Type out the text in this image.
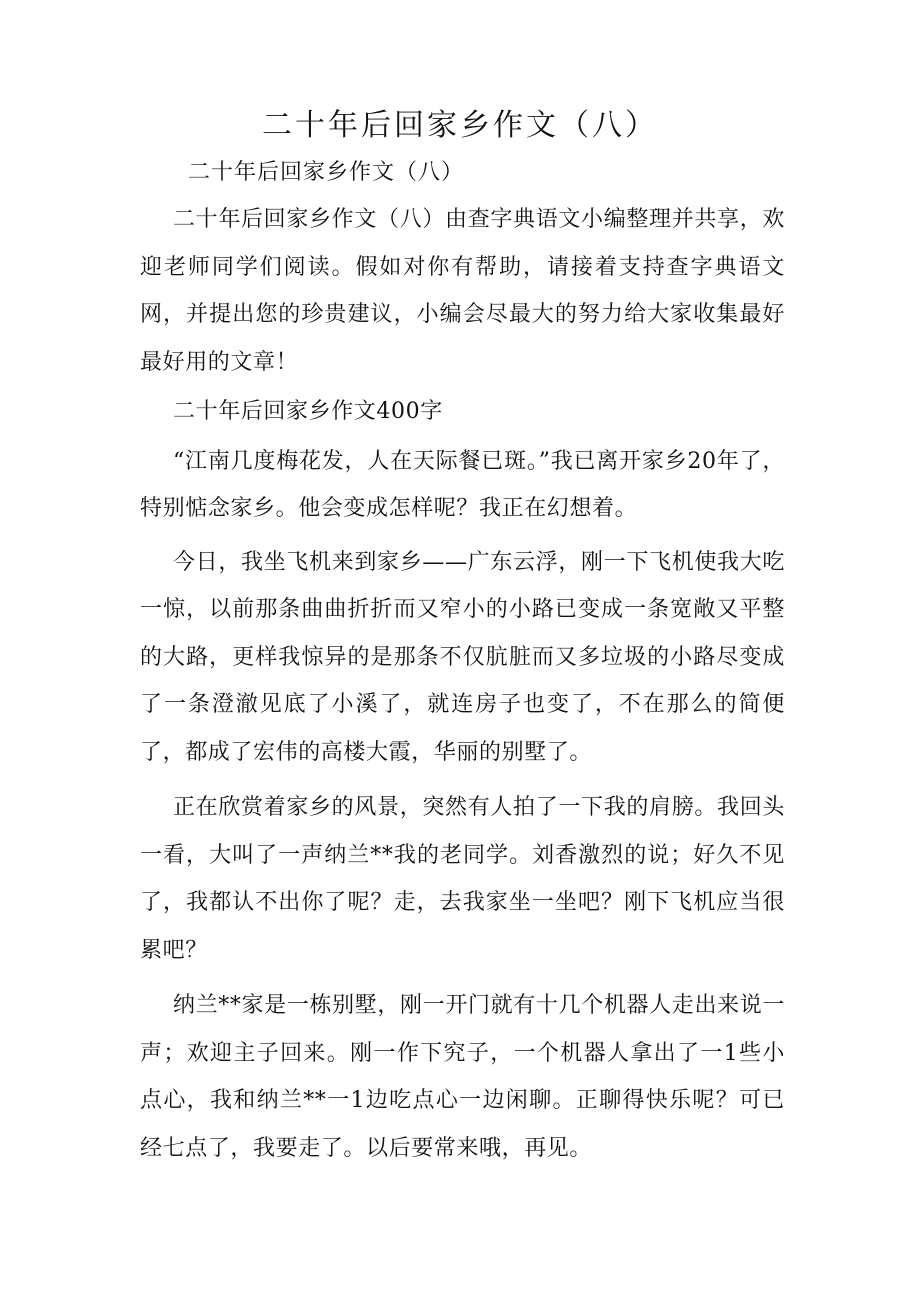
二十年后回家乡作文（八）

二十年后回家乡作文（八）

二十年后回家乡作文（八）由查字典语文小编整理并共享，欢迎老师同学们阅读。假如对你有帮助，请接着支持查字典语文网，并提出您的珍贵建议，小编会尽最大的努力给大家收集最好最好用的文章！

二十年后回家乡作文400字

“江南几度梅花发，人在天际餐已斑。”我已离开家乡20年了，特别惦念家乡。他会变成怎样呢？我正在幻想着。

今日，我坐飞机来到家乡——广东云浮，刚一下飞机使我大吃一惊，以前那条曲曲折折而又窄小的小路已变成一条宽敞又平整的大路，更样我惊异的是那条不仅肮脏而又多垃圾的小路尽变成了一条澄澈见底了小溪了，就连房子也变了，不在那么的简便了，都成了宏伟的高楼大霞，华丽的别墅了。

正在欣赏着家乡的风景，突然有人拍了一下我的肩膀。我回头一看，大叫了一声纳兰**我的老同学。刘香激烈的说；好久不见了，我都认不出你了呢？走，去我家坐一坐吧？刚下飞机应当很累吧？

纳兰**家是一栋别墅，刚一开门就有十几个机器人走出来说一声；欢迎主子回来。刚一作下究子，一个机器人拿出了一1些小点心，我和纳兰**一1边吃点心一边闲聊。正聊得快乐呢？可已经七点了，我要走了。以后要常来哦，再见。
